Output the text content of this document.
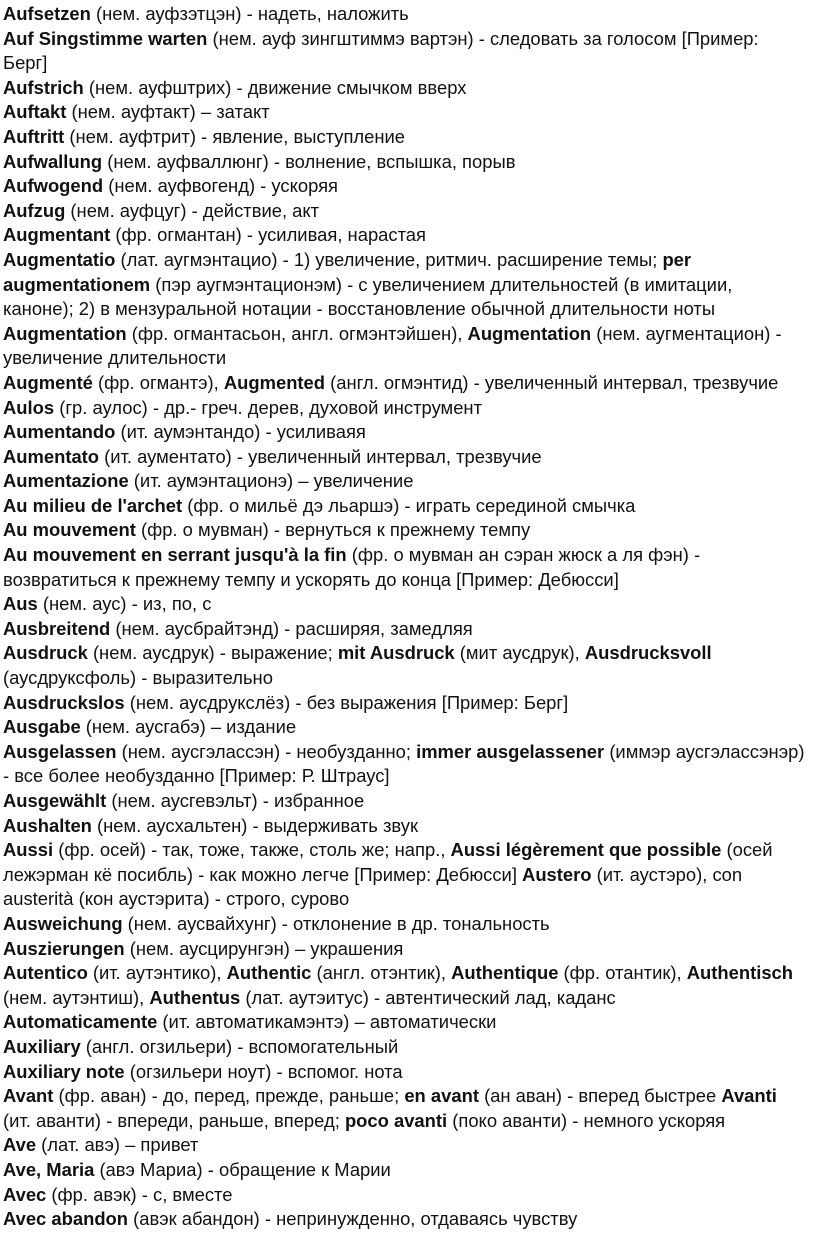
Aufsetzen (нем. ауфзэтцэн) - надеть, наложить
Auf Singstimme warten (нем. ауф зингштиммэ вартэн) - следовать за голосом [Пример: Берг]
Aufstrich (нем. ауфштрих) - движение смычком вверх
Auftakt (нем. ауфтакт) – затакт
Auftritt (нем. ауфтрит) - явление, выступление
Aufwallung (нем. ауфваллюнг) - волнение, вспышка, порыв
Aufwogend (нем. ауфвогенд) - ускоряя
Aufzug (нем. ауфцуг) - действие, акт
Augmentant (фр. огмантан) - усиливая, нарастая
Augmentatio (лат. аугмэнтацио) - 1) увеличение, ритмич. расширение темы; per augmentationem (пэр аугмэнтационэм) - с увеличением длительностей (в имитации, каноне); 2) в мензуральной нотации - восстановление обычной длительности ноты
Augmentation (фр. огмантасьон, англ. огмэнтэйшен), Augmentation (нем. аугментацион) - увеличение длительности
Augmenté (фр. огмантэ), Augmented (англ. огмэнтид) - увеличенный интервал, трезвучие
Aulos (гр. аулос) - др.- греч. дерев, духовой инструмент
Aumentando (ит. аумэнтандо) - усиливаяя
Aumentato (ит. аументато) - увеличенный интервал, трезвучие
Aumentazione (ит. аумэнтационэ) – увеличение
Au milieu de l'archet (фр. о мильё дэ льаршэ) - играть серединой смычка
Au mouvement (фр. о мувман) - вернуться к прежнему темпу
Au mouvement en serrant jusqu'à la fin (фр. о мувман ан сэран жюск а ля фэн) - возвратиться к прежнему темпу и ускорять до конца [Пример: Дебюсси]
Aus (нем. аус) - из, по, с
Ausbreitend (нем. аусбрайтэнд) - расширяя, замедляя
Ausdruck (нем. аусдрук) - выражение; mit Ausdruck (мит аусдрук), Ausdrucksvoll (аусдруксфоль) - выразительно
Ausdruckslos (нем. аусдрукслёз) - без выражения [Пример: Берг]
Ausgabe (нем. аусгабэ) – издание
Ausgelassen (нем. аусгэлассэн) - необузданно; immer ausgelassener (иммэр аусгэлассэнэр) - все более необузданно [Пример: Р. Штраус]
Ausgewählt (нем. аусгевэльт) - избранное
Aushalten (нем. аусхальтен) - выдерживать звук
Aussi (фр. осей) - так, тоже, также, столь же; напр., Aussi légèrement que possible (осей лежэрман кё посибль) - как можно легче [Пример: Дебюсси] Austero (ит. аустэро), con austerità (кон аустэрита) - строго, сурово
Ausweichung (нем. аусвайхунг) - отклонение в др. тональность
Auszierungen (нем. аусцирунгэн) – украшения
Autentico (ит. аутэнтико), Authentic (англ. отэнтик), Authentique (фр. отантик), Authentisch (нем. аутэнтиш), Authentus (лат. аутэитус) - автентический лад, каданс
Automaticamente (ит. автоматикамэнтэ) – автоматически
Auxiliary (англ. огзильери) - вспомогательный
Auxiliary note (огзильери ноут) - вспомог. нота
Avant (фр. аван) - до, перед, прежде, раньше; en avant (ан аван) - вперед быстрее Avanti (ит. аванти) - впереди, раньше, вперед; poco avanti (поко аванти) - немного ускоряя
Ave (лат. авэ) – привет
Ave, Maria (авэ Мариа) - обращение к Марии
Avec (фр. авэк) - с, вместе
Avec abandon (авэк абандон) - непринужденно, отдаваясь чувству
